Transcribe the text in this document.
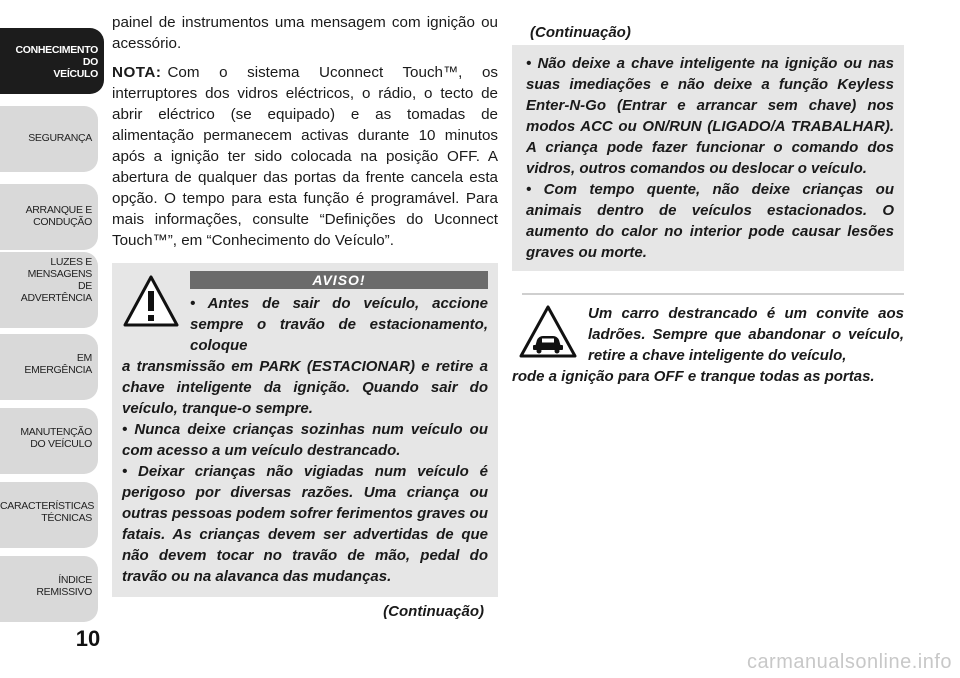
CONHECIMENTO
DO
VEÍCULO
SEGURANÇA
ARRANQUE E
CONDUÇÃO
LUZES E
MENSAGENS
DE
ADVERTÊNCIA
EM
EMERGÊNCIA
MANUTENÇÃO
DO VEÍCULO
CARACTERÍSTICAS
TÉCNICAS
ÍNDICE
REMISSIVO
10

painel de instrumentos uma mensagem com ignição ou acessório.

NOTA: Com o sistema Uconnect Touch™, os interruptores dos vidros eléctricos, o rádio, o tecto de abrir eléctrico (se equipado) e as tomadas de alimentação permanecem activas durante 10 minutos após a ignição ter sido colocada na posição OFF. A abertura de qualquer das portas da frente cancela esta opção. O tempo para esta função é programável. Para mais informações, consulte “Definições do Uconnect Touch™”, em “Conhecimento do Veículo”.

AVISO!

• Antes de sair do veículo, accione sempre o travão de estacionamento, coloque

a transmissão em PARK (ESTACIONAR) e retire a chave inteligente da ignição. Quando sair do veículo, tranque-o sempre.

• Nunca deixe crianças sozinhas num veículo ou com acesso a um veículo destrancado.

• Deixar crianças não vigiadas num veículo é perigoso por diversas razões. Uma criança ou outras pessoas podem sofrer ferimentos graves ou fatais. As crianças devem ser advertidas de que não devem tocar no travão de mão, pedal do travão ou na alavanca das mudanças.

(Continuação)

(Continuação)

• Não deixe a chave inteligente na ignição ou nas suas imediações e não deixe a função Keyless Enter-N-Go (Entrar e arrancar sem chave) nos modos ACC ou ON/RUN (LIGADO/A TRABALHAR). A criança pode fazer funcionar o comando dos vidros, outros comandos ou deslocar o veículo.

• Com tempo quente, não deixe crianças ou animais dentro de veículos estacionados. O aumento do calor no interior pode causar lesões graves ou morte.

Um carro destrancado é um convite aos ladrões. Sempre que abandonar o veículo, retire a chave inteligente do veículo,
rode a ignição para OFF e tranque todas as portas.

carmanualsonline.info
